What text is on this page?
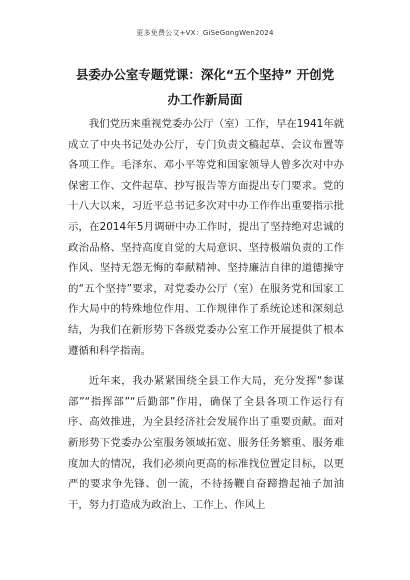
更多免费公文+VX：GiSeGongWen2024
县委办公室专题党课：深化“五个坚持” 开创党办工作新局面

我们党历来重视党委办公厅（室）工作，早在1941年就成立了中央书记处办公厅，专门负责文稿起草、会议布置等各项工作。毛泽东、邓小平等党和国家领导人曾多次对中办保密工作、文件起草、抄写报告等方面提出专门要求。党的十八大以来，习近平总书记多次对中办工作作出重要指示批示，在2014年5月调研中办工作时，提出了坚持绝对忠诚的政治品格、坚持高度自觉的大局意识、坚持极端负责的工作作风、坚持无怨无悔的奉献精神、坚持廉洁自律的道德操守的“五个坚持”要求，对党委办公厅（室）在服务党和国家工作大局中的特殊地位作用、工作规律作了系统论述和深刻总结，为我们在新形势下各级党委办公室工作开展提供了根本遵循和科学指南。

近年来，我办紧紧围绕全县工作大局，充分发挥“参谋部”“指挥部”“后勤部”作用，确保了全县各项工作运行有序、高效推进，为全县经济社会发展作出了重要贡献。面对新形势下党委办公室服务领域拓宽、服务任务繁重、服务难度加大的情况，我们必须向更高的标准找位置定目标，以更严的要求争先锋、创一流，不待扬鞭自奋蹄撸起袖子加油干，努力打造成为政治上、工作上、作风上
